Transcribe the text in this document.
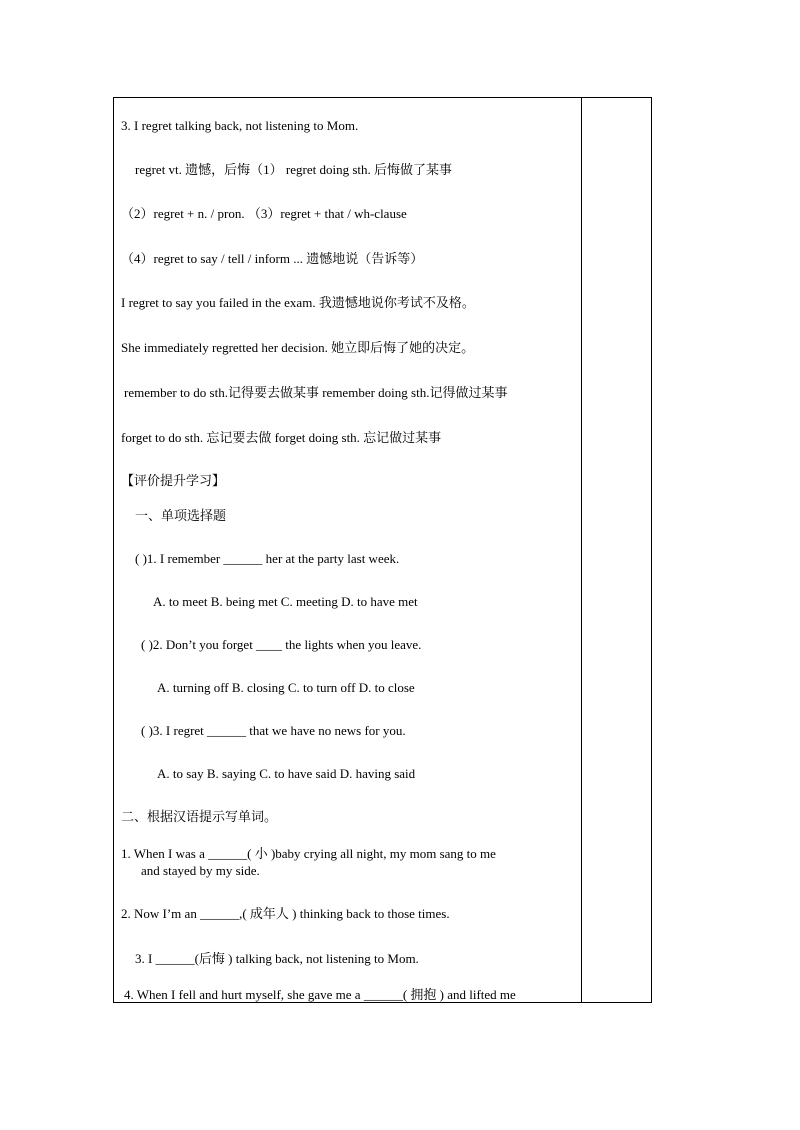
3. I regret talking back, not listening to Mom.
regret vt. 遗憾，后悔（1） regret doing sth. 后悔做了某事
（2）regret + n. / pron. （3）regret + that / wh-clause
（4）regret to say / tell / inform ... 遗憾地说（告诉等）
I regret to say you failed in the exam. 我遗憾地说你考试不及格。
She immediately regretted her decision. 她立即后悔了她的决定。
remember to do sth.记得要去做某事 remember doing sth.记得做过某事
forget to do sth. 忘记要去做 forget doing sth. 忘记做过某事
【评价提升学习】
一、单项选择题
( )1. I remember ______ her at the party last week.
A. to meet B. being met C. meeting D. to have met
( )2. Don’t you forget ____ the lights when you leave.
A. turning off B. closing C. to turn off D. to close
( )3. I regret ______ that we have no news for you.
A. to say B. saying C. to have said D. having said
二、根据汉语提示写单词。
1. When I was a ______( 小 )baby crying all night, my mom sang to me
and stayed by my side.
2. Now I’m an ______,( 成年人 ) thinking back to those times.
3. I ______(后悔 ) talking back, not listening to Mom.
4. When I fell and hurt myself, she gave me a ______( 拥抱 ) and lifted me
